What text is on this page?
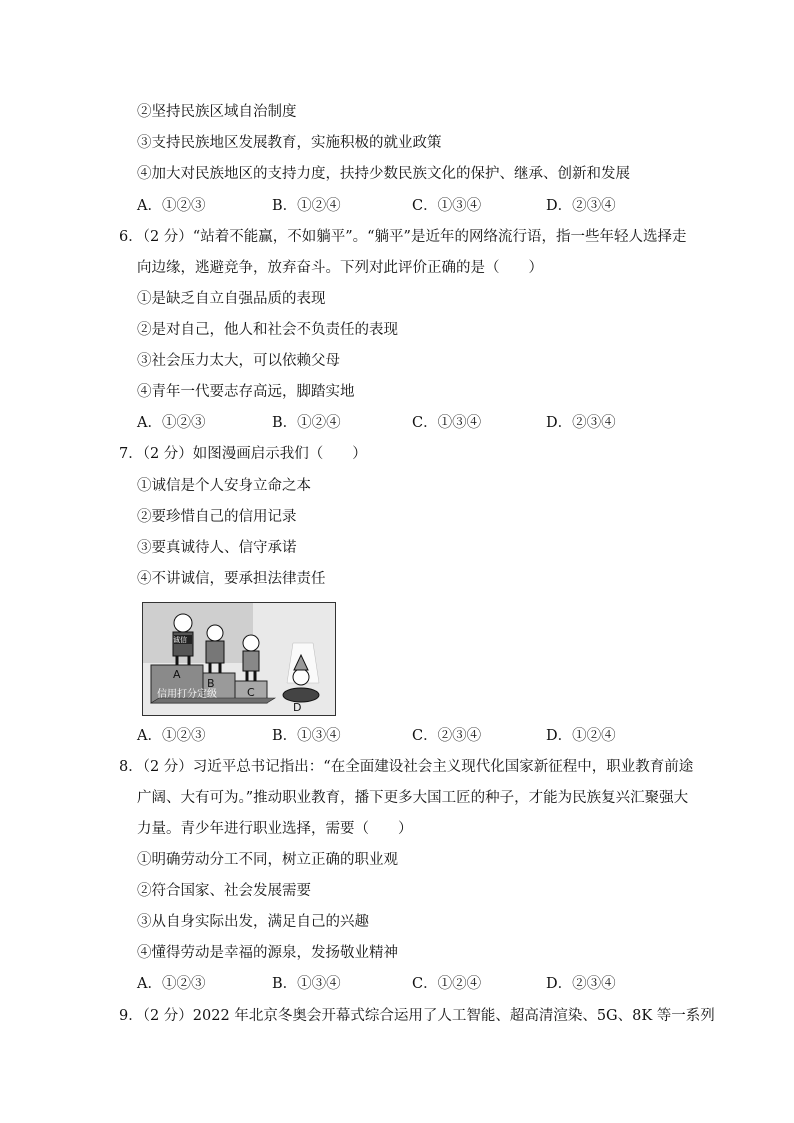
②坚持民族区域自治制度
③支持民族地区发展教育，实施积极的就业政策
④加大对民族地区的支持力度，扶持少数民族文化的保护、继承、创新和发展
A．①②③	B．①②④	C．①③④	D．②③④
6．（2 分）“站着不能赢，不如躺平”。“躺平”是近年的网络流行语，指一些年轻人选择走
向边缘，逃避竞争，放弃奋斗。下列对此评价正确的是（　　）
①是缺乏自立自强品质的表现
②是对自己，他人和社会不负责任的表现
③社会压力太大，可以依赖父母
④青年一代要志存高远，脚踏实地
A．①②③	B．①②④	C．①③④	D．②③④
7．（2 分）如图漫画启示我们（　　）
①诚信是个人安身立命之本
②要珍惜自己的信用记录
③要真诚待人、信守承诺
④不讲诚信，要承担法律责任
诚信
A
B
C
D
信用打分定级
A．①②③	B．①③④	C．②③④	D．①②④
8．（2 分）习近平总书记指出：“在全面建设社会主义现代化国家新征程中，职业教育前途
广阔、大有可为。”推动职业教育，播下更多大国工匠的种子，才能为民族复兴汇聚强大
力量。青少年进行职业选择，需要（　　）
①明确劳动分工不同，树立正确的职业观
②符合国家、社会发展需要
③从自身实际出发，满足自己的兴趣
④懂得劳动是幸福的源泉，发扬敬业精神
A．①②③	B．①③④	C．①②④	D．②③④
9．（2 分）2022 年北京冬奥会开幕式综合运用了人工智能、超高清渲染、5G、8K 等一系列
